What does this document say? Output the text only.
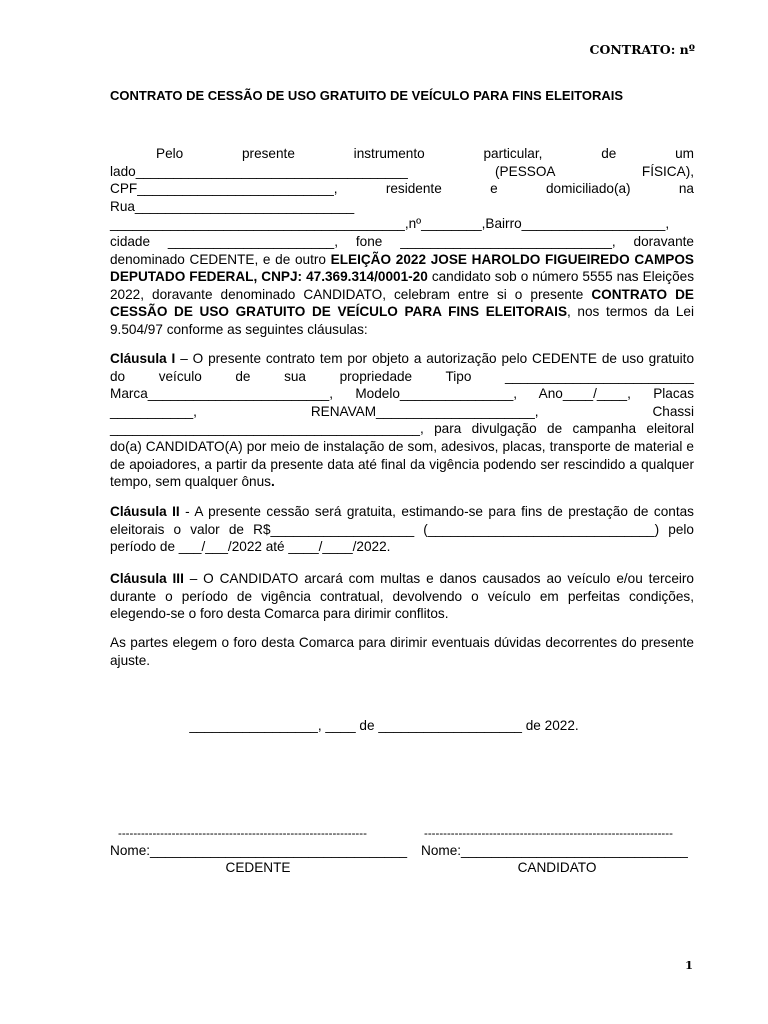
CONTRATO: nº
CONTRATO DE CESSÃO DE USO GRATUITO DE VEÍCULO PARA FINS ELEITORAIS

Pelo presente instrumento particular, de um lado____________________________________ (PESSOA FÍSICA), CPF__________________________, residente e domiciliado(a) na Rua_____________________________ _______________________________________,nº________,Bairro___________________, cidade ______________________, fone ____________________________, doravante denominado CEDENTE, e de outro ELEIÇÃO 2022 JOSE HAROLDO FIGUEIREDO CAMPOS DEPUTADO FEDERAL, CNPJ: 47.369.314/0001-20 candidato sob o número 5555 nas Eleições 2022, doravante denominado CANDIDATO, celebram entre si o presente CONTRATO DE CESSÃO DE USO GRATUITO DE VEÍCULO PARA FINS ELEITORAIS, nos termos da Lei 9.504/97 conforme as seguintes cláusulas:

Cláusula I – O presente contrato tem por objeto a autorização pelo CEDENTE de uso gratuito do veículo de sua propriedade Tipo _________________________ Marca________________________, Modelo_______________, Ano____/____, Placas ___________, RENAVAM_____________________, Chassi _________________________________________, para divulgação de campanha eleitoral do(a) CANDIDATO(A) por meio de instalação de som, adesivos, placas, transporte de material e de apoiadores, a partir da presente data até final da vigência podendo ser rescindido a qualquer tempo, sem qualquer ônus.

Cláusula II - A presente cessão será gratuita, estimando-se para fins de prestação de contas eleitorais o valor de R$___________________ (______________________________) pelo período de ___/___/2022 até ____/____/2022.

Cláusula III – O CANDIDATO arcará com multas e danos causados ao veículo e/ou terceiro durante o período de vigência contratual, devolvendo o veículo em perfeitas condições, elegendo-se o foro desta Comarca para dirimir conflitos.

As partes elegem o foro desta Comarca para dirimir eventuais dúvidas decorrentes do presente ajuste.

_________________, ____ de ___________________ de 2022.
-----------------------------------------------------------------
Nome:__________________________________
CEDENTE
-----------------------------------------------------------------
Nome:______________________________
CANDIDATO
1
